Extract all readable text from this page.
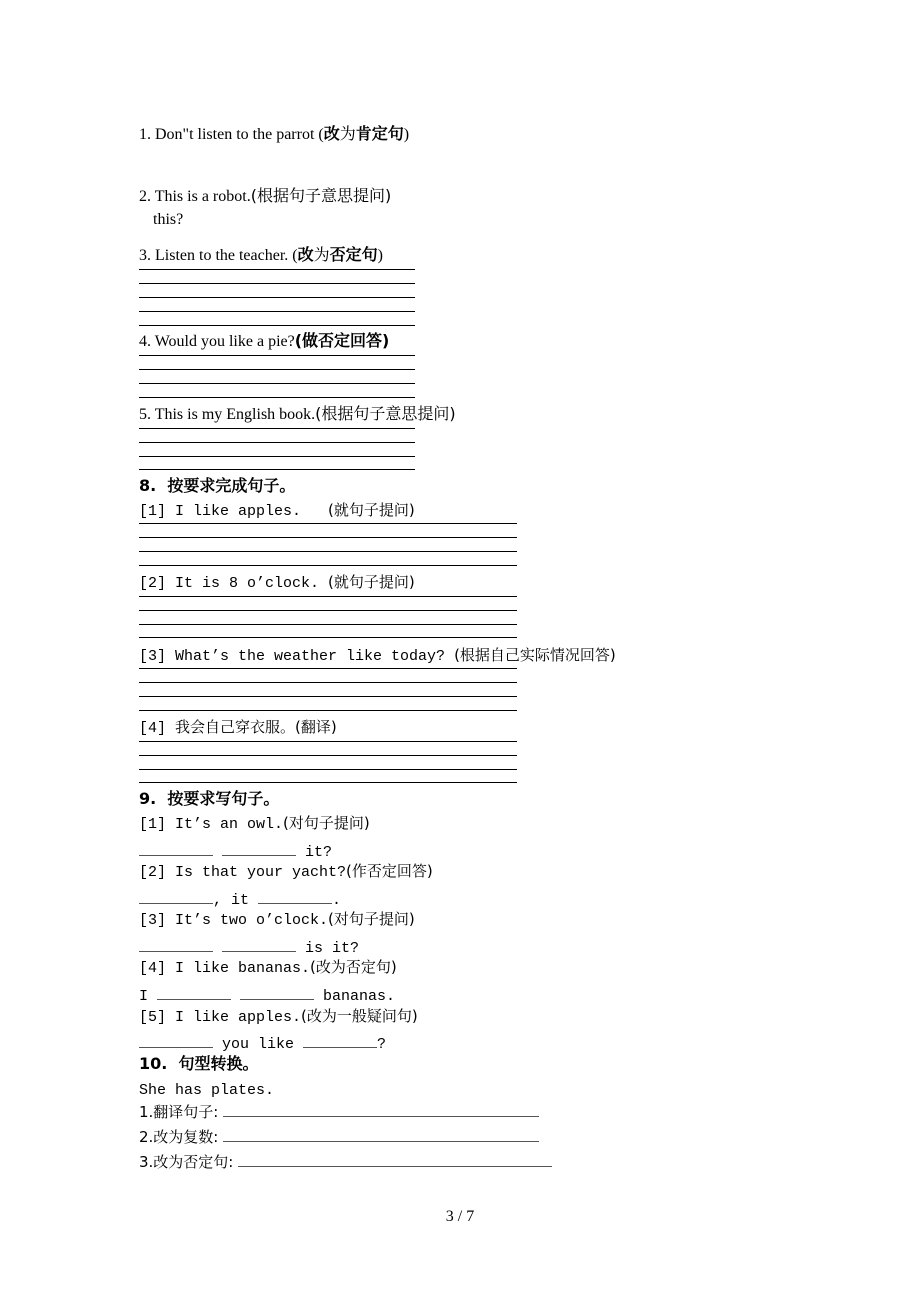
1. Don"t listen to the parrot (改为肯定句)
2. This is a robot.(根据句子意思提问)
this?
3. Listen to the teacher. (改为否定句)
4. Would you like a pie?(做否定回答)
5. This is my English book.(根据句子意思提问)
8.  按要求完成句子。
[1] I like apples.   (就句子提问)
[2] It is 8 o’clock. (就句子提问)
[3] What’s the weather like today? (根据自己实际情况回答)
[4] 我会自己穿衣服。(翻译)
9.  按要求写句子。
[1] It’s an owl.(对句子提问)
it?
[2] Is that your yacht?(作否定回答)
, it	.
[3] It’s two o’clock.(对句子提问)
is it?
[4] I like bananas.(改为否定句)
I	bananas.
[5] I like apples.(改为一般疑问句)
you like	?
10.  句型转换。
She has plates.
1.翻译句子:
2.改为复数:
3.改为否定句:
3 / 7
